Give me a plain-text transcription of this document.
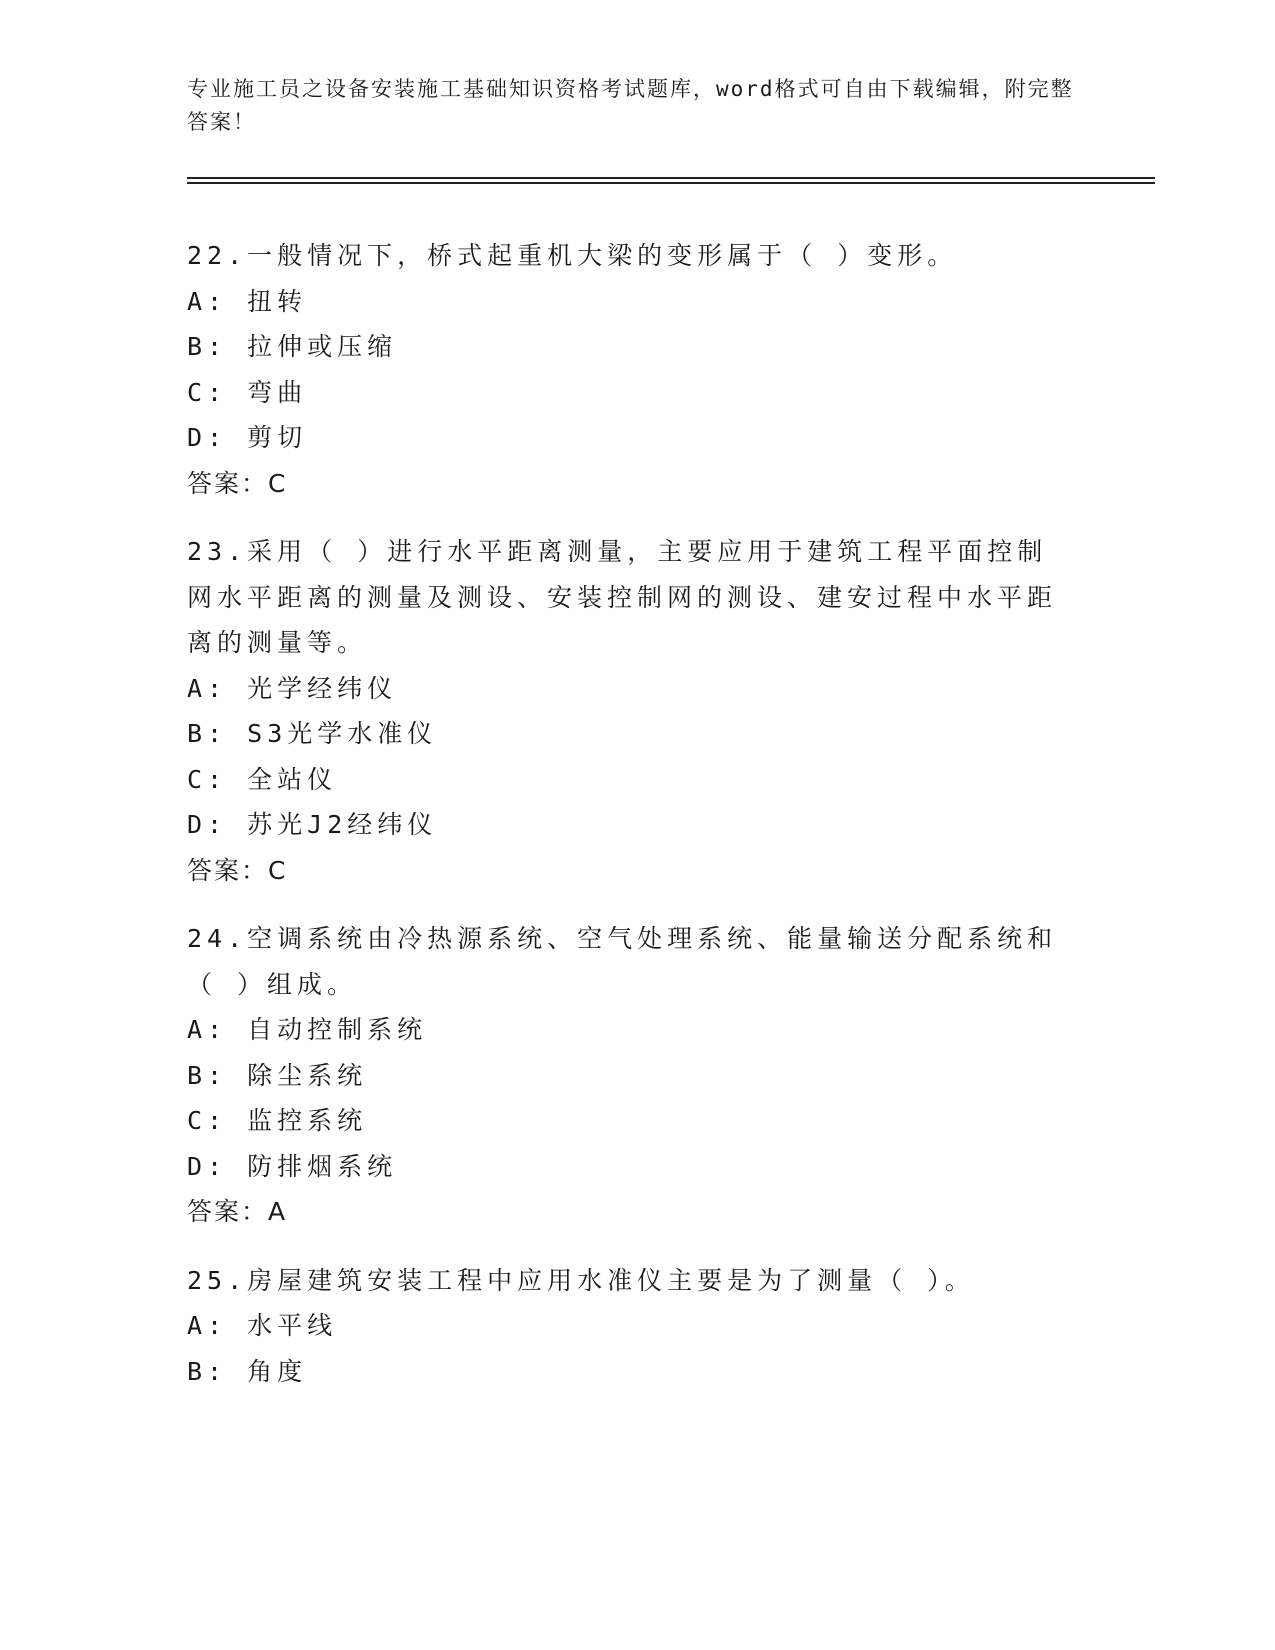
专业施工员之设备安装施工基础知识资格考试题库，word格式可自由下载编辑，附完整答案！
22.一般情况下，桥式起重机大梁的变形属于（ ）变形。
A: 扭转
B: 拉伸或压缩
C: 弯曲
D: 剪切
答案：C
23.采用（ ）进行水平距离测量，主要应用于建筑工程平面控制网水平距离的测量及测设、安装控制网的测设、建安过程中水平距离的测量等。
A: 光学经纬仪
B: S3光学水准仪
C: 全站仪
D: 苏光J2经纬仪
答案：C
24.空调系统由冷热源系统、空气处理系统、能量输送分配系统和（ ）组成。
A: 自动控制系统
B: 除尘系统
C: 监控系统
D: 防排烟系统
答案：A
25.房屋建筑安装工程中应用水准仪主要是为了测量（ ）。
A: 水平线
B: 角度
